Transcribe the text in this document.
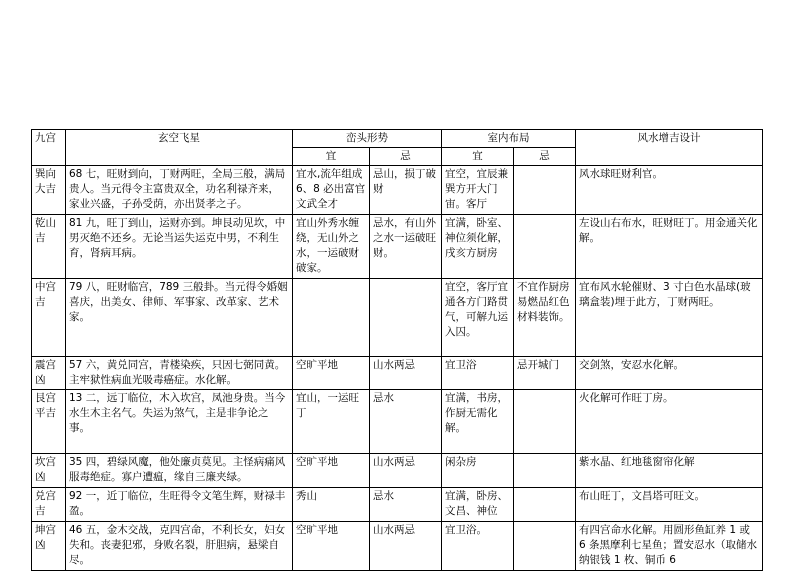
九宫	玄空飞星	峦头形势		室内布局		风水增吉设计
		宜	忌	宜	忌	
巽向大吉	68 七，旺财到向，丁财两旺，全局三般，满局贵人。当元得令主富贵双全，功名利禄齐来，家业兴盛，子孙受荫，亦出贤孝之子。	宜水,流年组成 6、8 必出富官文武全才	忌山，损丁破财	宜空，宜辰兼巽方开大门宙。客厅		风水球旺财利官。
乾山吉	81 九，旺丁到山，运财亦到。坤艮动见坎，中男灭绝不还乡。无论当运失运克中男，不利生育，肾病耳病。	宜山外秀水缠绕，无山外之水，一运破财破家。	忌水，有山外之水一运破旺财。	宜满，卧室、神位须化解，戌亥方厨房		左设山右布水，旺财旺丁。用金通关化解。
中宫吉	79 八，旺财临宫，789 三般卦。当元得令婚姻喜庆，出美女、律师、军事家、改革家、艺术家。			宜空，客厅宜通各方门路贯气，可解九运入囚。	不宜作厨房易燃品红色材料装饰。	宜布风水轮催财、3 寸白色水晶球(玻璃盒装)埋于此方，丁财两旺。
震宫凶	57 六，黄兑同宫，青楼染疾，只因七弼同黄。主牢狱性病血光吸毒癌症。水化解。	空旷平地	山水两忌	宜卫浴	忌开城门	交剑煞，安忍水化解。
艮宫平吉	13 二，远丁临位，木入坎宫，凤池身贵。当今水生木主名气。失运为煞气，主是非争论之事。	宜山，一运旺丁	忌水	宜满，书房，作厨无需化解。		火化解可作旺丁房。
坎宫凶	35 四，碧绿风魔，他处廉贞莫见。主怪病痛风服毒绝症。寡户遭瘟，缘自三廉夹绿。	空旷平地	山水两忌	闲杂房		紫水晶、红地毯窗帘化解
兑宫吉	92 一，近丁临位，生旺得令文笔生辉，财禄丰盈。	秀山	忌水	宜满，卧房、文昌、神位		布山旺丁，文昌塔可旺文。
坤宫凶	46 五，金木交战，克四宫命，不利长女，妇女失和。丧妻犯邪，身败名裂，肝胆病，悬梁自尽。	空旷平地	山水两忌	宜卫浴。		有四宫命水化解。用圆形鱼缸养 1 或 6 条黑摩利七星鱼；置安忍水（取储水纳银钱 1 枚、铜币 6
